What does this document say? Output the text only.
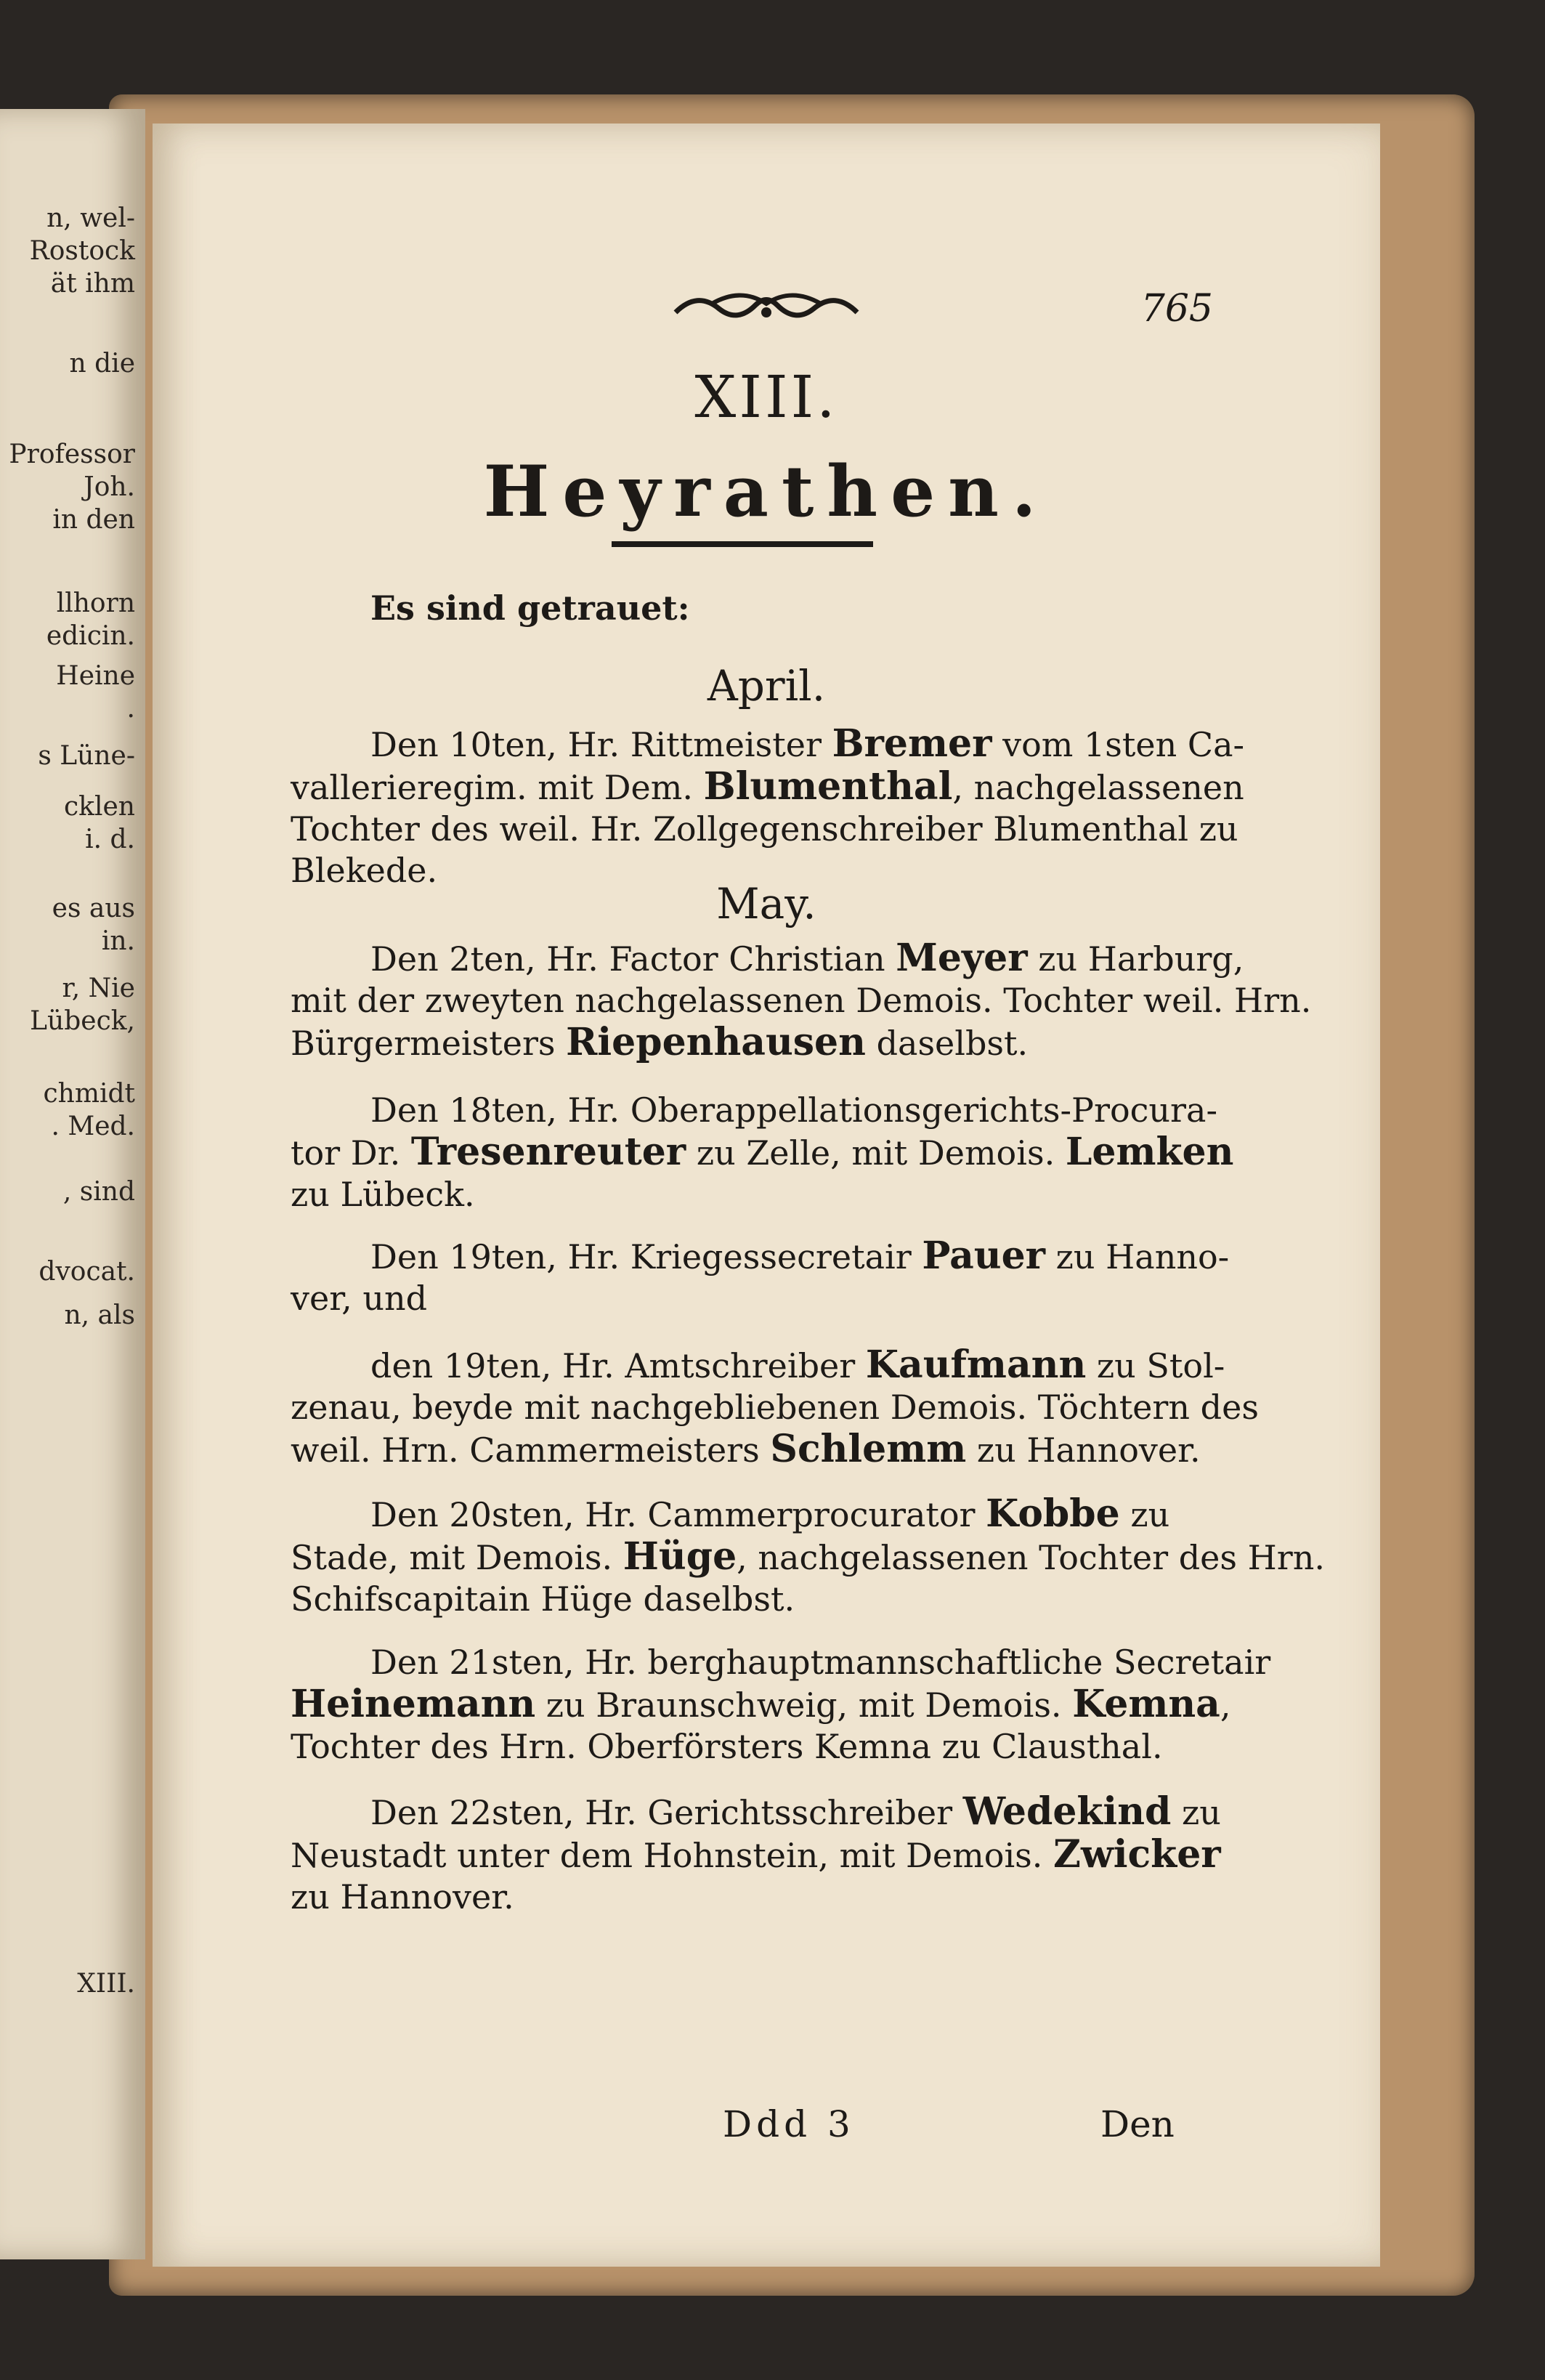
n, wel-
Rostock
ät ihm
n die
Professor
Joh.
in den
llhorn
edicin.
Heine
.
s Lüne-
cklen
i. d.
es aus
in.
r, Nie
Lübeck,
chmidt
. Med.
, sind
dvocat.
n, als
XIII.
765
XIII.
Heyrathen.
Es sind getrauet:
April.
Den 10ten, Hr. Rittmeister Bremer vom 1sten Ca-
vallerieregim. mit Dem. Blumenthal, nachgelassenen
Tochter des weil. Hr. Zollgegenschreiber Blumenthal zu
Blekede.
May.
Den 2ten, Hr. Factor Christian Meyer zu Harburg,
mit der zweyten nachgelassenen Demois. Tochter weil. Hrn.
Bürgermeisters Riepenhausen daselbst.
Den 18ten, Hr. Oberappellationsgerichts-Procura-
tor Dr. Tresenreuter zu Zelle, mit Demois. Lemken
zu Lübeck.
Den 19ten, Hr. Kriegessecretair Pauer zu Hanno-
ver, und
den 19ten, Hr. Amtschreiber Kaufmann zu Stol-
zenau, beyde mit nachgebliebenen Demois. Töchtern des
weil. Hrn. Cammermeisters Schlemm zu Hannover.
Den 20sten, Hr. Cammerprocurator Kobbe zu
Stade, mit Demois. Hüge, nachgelassenen Tochter des Hrn.
Schifscapitain Hüge daselbst.
Den 21sten, Hr. berghauptmannschaftliche Secretair
Heinemann zu Braunschweig, mit Demois. Kemna,
Tochter des Hrn. Oberförsters Kemna zu Clausthal.
Den 22sten, Hr. Gerichtsschreiber Wedekind zu
Neustadt unter dem Hohnstein, mit Demois. Zwicker
zu Hannover.
Ddd 3	Den
